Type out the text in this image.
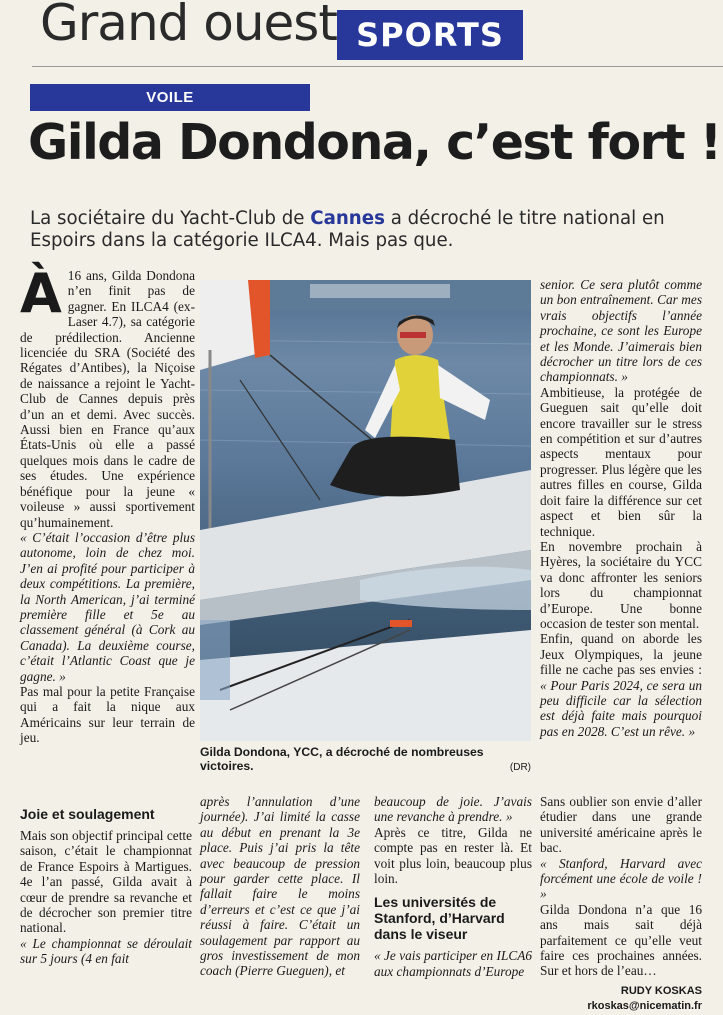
Grand ouest SPORTS
VOILE
Gilda Dondona, c’est fort !
La sociétaire du Yacht-Club de Cannes a décroché le titre national en Espoirs dans la catégorie ILCA4. Mais pas que.

À 16 ans, Gilda Dondona n’en finit pas de gagner. En ILCA4 (ex-Laser 4.7), sa catégorie de prédilection. Ancienne licenciée du SRA (Société des Régates d’Antibes), la Niçoise de naissance a rejoint le Yacht-Club de Cannes depuis près d’un an et demi. Avec succès. Aussi bien en France qu’aux États-Unis où elle a passé quelques mois dans le cadre de ses études. Une expérience bénéfique pour la jeune « voileuse » aussi sportivement qu’humainement.

« C’était l’occasion d’être plus autonome, loin de chez moi. J’en ai profité pour participer à deux compétitions. La première, la North American, j’ai terminé première fille et 5e au classement général (à Cork au Canada). La deuxième course, c’était l’Atlantic Coast que je gagne. »

Pas mal pour la petite Française qui a fait la nique aux Américains sur leur terrain de jeu.

Gilda Dondona, YCC, a décroché de nombreuses victoires.	(DR)

senior. Ce sera plutôt comme un bon entraînement. Car mes vrais objectifs l’année prochaine, ce sont les Europe et les Monde. J’aimerais bien décrocher un titre lors de ces championnats. »

Ambitieuse, la protégée de Gueguen sait qu’elle doit encore travailler sur le stress en compétition et sur d’autres aspects mentaux pour progresser. Plus légère que les autres filles en course, Gilda doit faire la différence sur cet aspect et bien sûr la technique.

En novembre prochain à Hyères, la sociétaire du YCC va donc affronter les seniors lors du championnat d’Europe. Une bonne occasion de tester son mental.

Enfin, quand on aborde les Jeux Olympiques, la jeune fille ne cache pas ses envies : « Pour Paris 2024, ce sera un peu difficile car la sélection est déjà faite mais pourquoi pas en 2028. C’est un rêve. »

Joie et soulagement

Mais son objectif principal cette saison, c’était le championnat de France Espoirs à Martigues. 4e l’an passé, Gilda avait à cœur de prendre sa revanche et de décrocher son premier titre national.

« Le championnat se déroulait sur 5 jours (4 en fait

après l’annulation d’une journée). J’ai limité la casse au début en prenant la 3e place. Puis j’ai pris la tête avec beaucoup de pression pour garder cette place. Il fallait faire le moins d’erreurs et c’est ce que j’ai réussi à faire. C’était un soulagement par rapport au gros investissement de mon coach (Pierre Gueguen), et

beaucoup de joie. J’avais une revanche à prendre. »

Après ce titre, Gilda ne compte pas en rester là. Et voit plus loin, beaucoup plus loin.

Les universités de Stanford, d’Harvard dans le viseur

« Je vais participer en ILCA6 aux championnats d’Europe

Sans oublier son envie d’aller étudier dans une grande université américaine après le bac.

« Stanford, Harvard avec forcément une école de voile ! »

Gilda Dondona n’a que 16 ans mais sait déjà parfaitement ce qu’elle veut faire ces prochaines années. Sur et hors de l’eau…

RUDY KOSKAS
rkoskas@nicematin.fr
